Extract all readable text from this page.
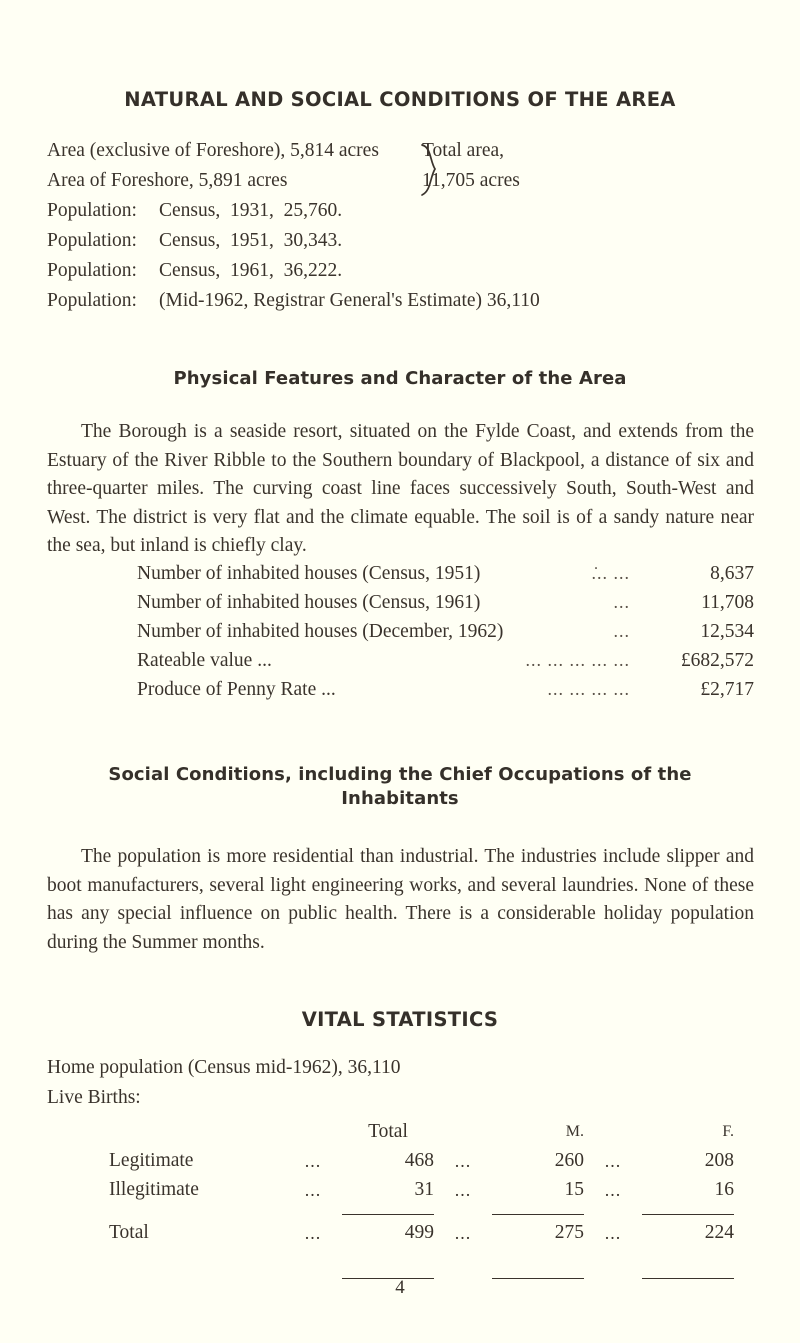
NATURAL AND SOCIAL CONDITIONS OF THE AREA
Area (exclusive of Foreshore), 5,814 acres	Total area,
Area of Foreshore, 5,891 acres	11,705 acres
Population:	Census,  1931,  25,760.
Population:	Census,  1951,  30,343.
Population:	Census,  1961,  36,222.
Population:	(Mid-1962, Registrar General's Estimate) 36,110
Physical Features and Character of the Area

The Borough is a seaside resort, situated on the Fylde Coast, and extends from the Estuary of the River Ribble to the Southern boundary of Blackpool, a distance of six and three-quarter miles. The curving coast line faces successively South, South-West and West. The district is very flat and the climate equable. The soil is of a sandy nature near the sea, but inland is chiefly clay.

Number of inhabited houses (Census, 1951)	... ...̇	8,637
Number of inhabited houses (Census, 1961)	...	11,708
Number of inhabited houses (December, 1962)	...	12,534
Rateable value ...	... ... ... ... ...	£682,572
Produce of Penny Rate ...	... ... ... ...	£2,717
Social Conditions, including the Chief Occupations of the
Inhabitants

The population is more residential than industrial. The industries include slipper and boot manufacturers, several light engineering works, and several laundries. None of these has any special influence on public health. There is a considerable holiday population during the Summer months.

VITAL STATISTICS
Home population (Census mid-1962), 36,110
Live Births:
		Total		M.		F.
Legitimate	...	468	...	260	...	208
Illegitimate	...	31	...	15	...	16

Total	...	499	...	275	...	224

4
